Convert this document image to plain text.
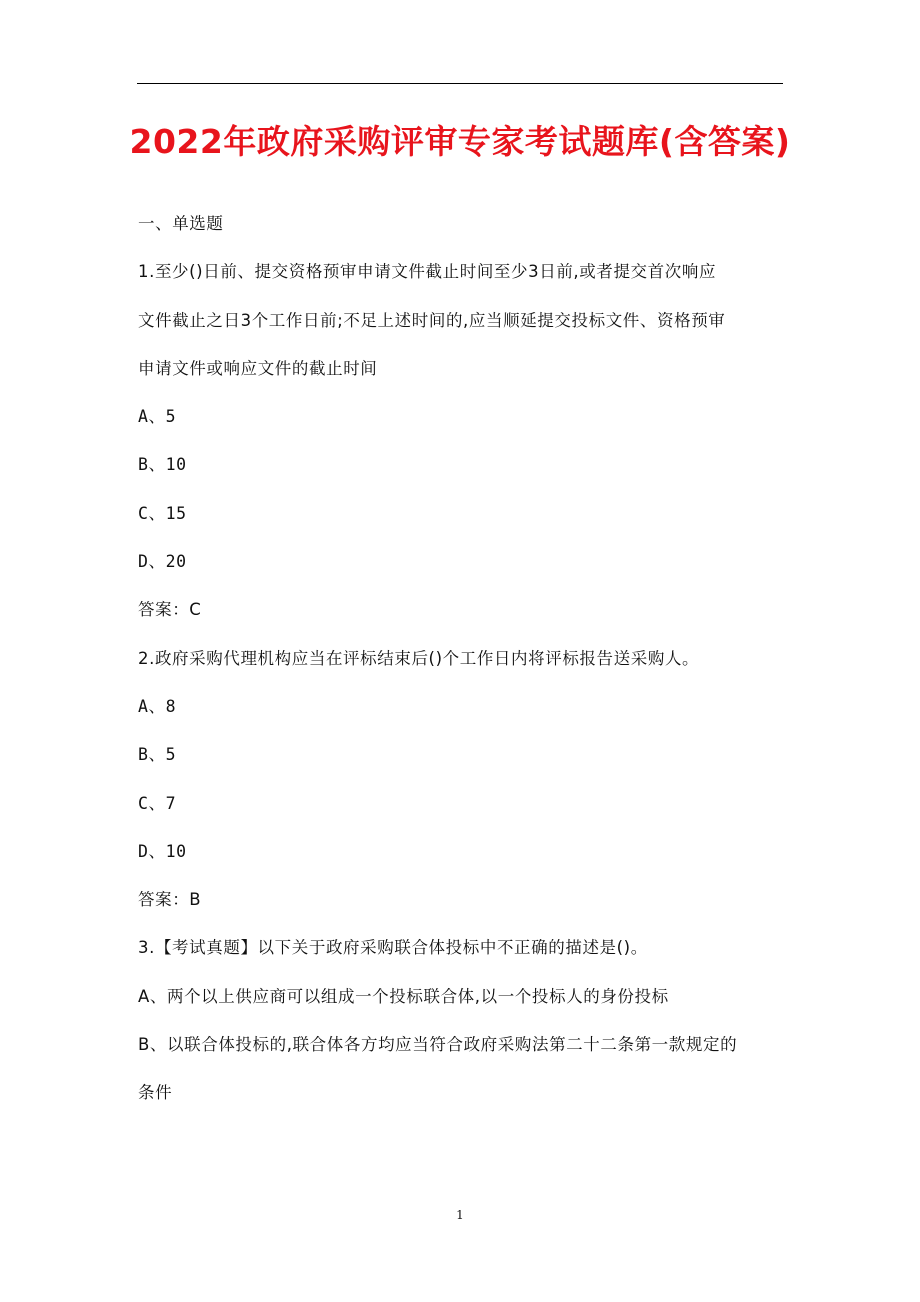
2022年政府采购评审专家考试题库(含答案)
一、单选题
1.至少()日前、提交资格预审申请文件截止时间至少3日前,或者提交首次响应
文件截止之日3个工作日前;不足上述时间的,应当顺延提交投标文件、资格预审
申请文件或响应文件的截止时间
A、5
B、10
C、15
D、20
答案：C
2.政府采购代理机构应当在评标结束后()个工作日内将评标报告送采购人。
A、8
B、5
C、7
D、10
答案：B
3.【考试真题】以下关于政府采购联合体投标中不正确的描述是()。
A、两个以上供应商可以组成一个投标联合体,以一个投标人的身份投标
B、以联合体投标的,联合体各方均应当符合政府采购法第二十二条第一款规定的
条件
1
